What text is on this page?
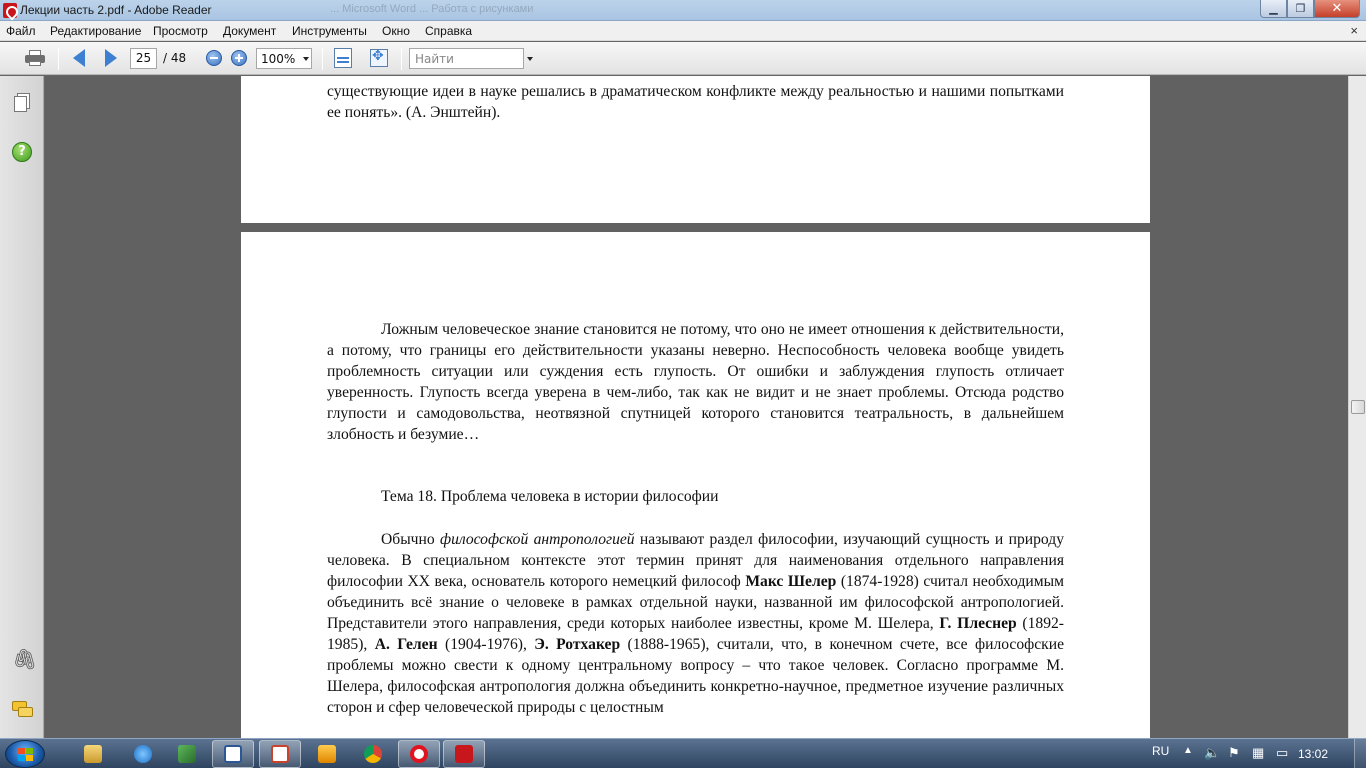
Лекции часть 2.pdf - Adobe Reader	... Microsoft Word ... Работа с рисунками	▁ ❐ ✕
Файл Редактирование Просмотр Документ Инструменты Окно Справка	×
25 / 48	100%
✥	Найти
?
🖇
существующие идеи в науке решались в драматическом конфликте между реальностью и нашими попытками ее понять». (А. Энштейн).
Ложным человеческое знание становится не потому, что оно не имеет отношения к действительности, а потому, что границы его действительности указаны неверно. Неспособность человека вообще увидеть проблемность ситуации или суждения есть глупость. От ошибки и заблуждения глупость отличает уверенность. Глупость всегда уверена в чем-либо, так как не видит и не знает проблемы. Отсюда родство глупости и самодовольства, неотвязной спутницей которого становится театральность, в дальнейшем злобность и безумие…
Тема 18. Проблема человека в истории философии
Обычно философской антропологией называют раздел философии, изучающий сущность и природу человека. В специальном контексте этот термин принят для наименования отдельного направления философии XX века, основатель которого немецкий философ Макс Шелер (1874-1928) считал необходимым объединить всё знание о человеке в рамках отдельной науки, названной им философской антропологией. Представители этого направления, среди которых наиболее известны, кроме М. Шелера, Г. Плеснер (1892-1985), А. Гелен (1904-1976), Э. Ротхакер (1888-1965), считали, что, в конечном счете, все философские проблемы можно свести к одному центральному вопросу – что такое человек. Согласно программе М. Шелера, философская антропология должна объединить конкретно-научное, предметное изучение различных сторон и сфер человеческой природы с целостным
RU ▲ 🔈 ⚑ ▦ ▭ 13:02
